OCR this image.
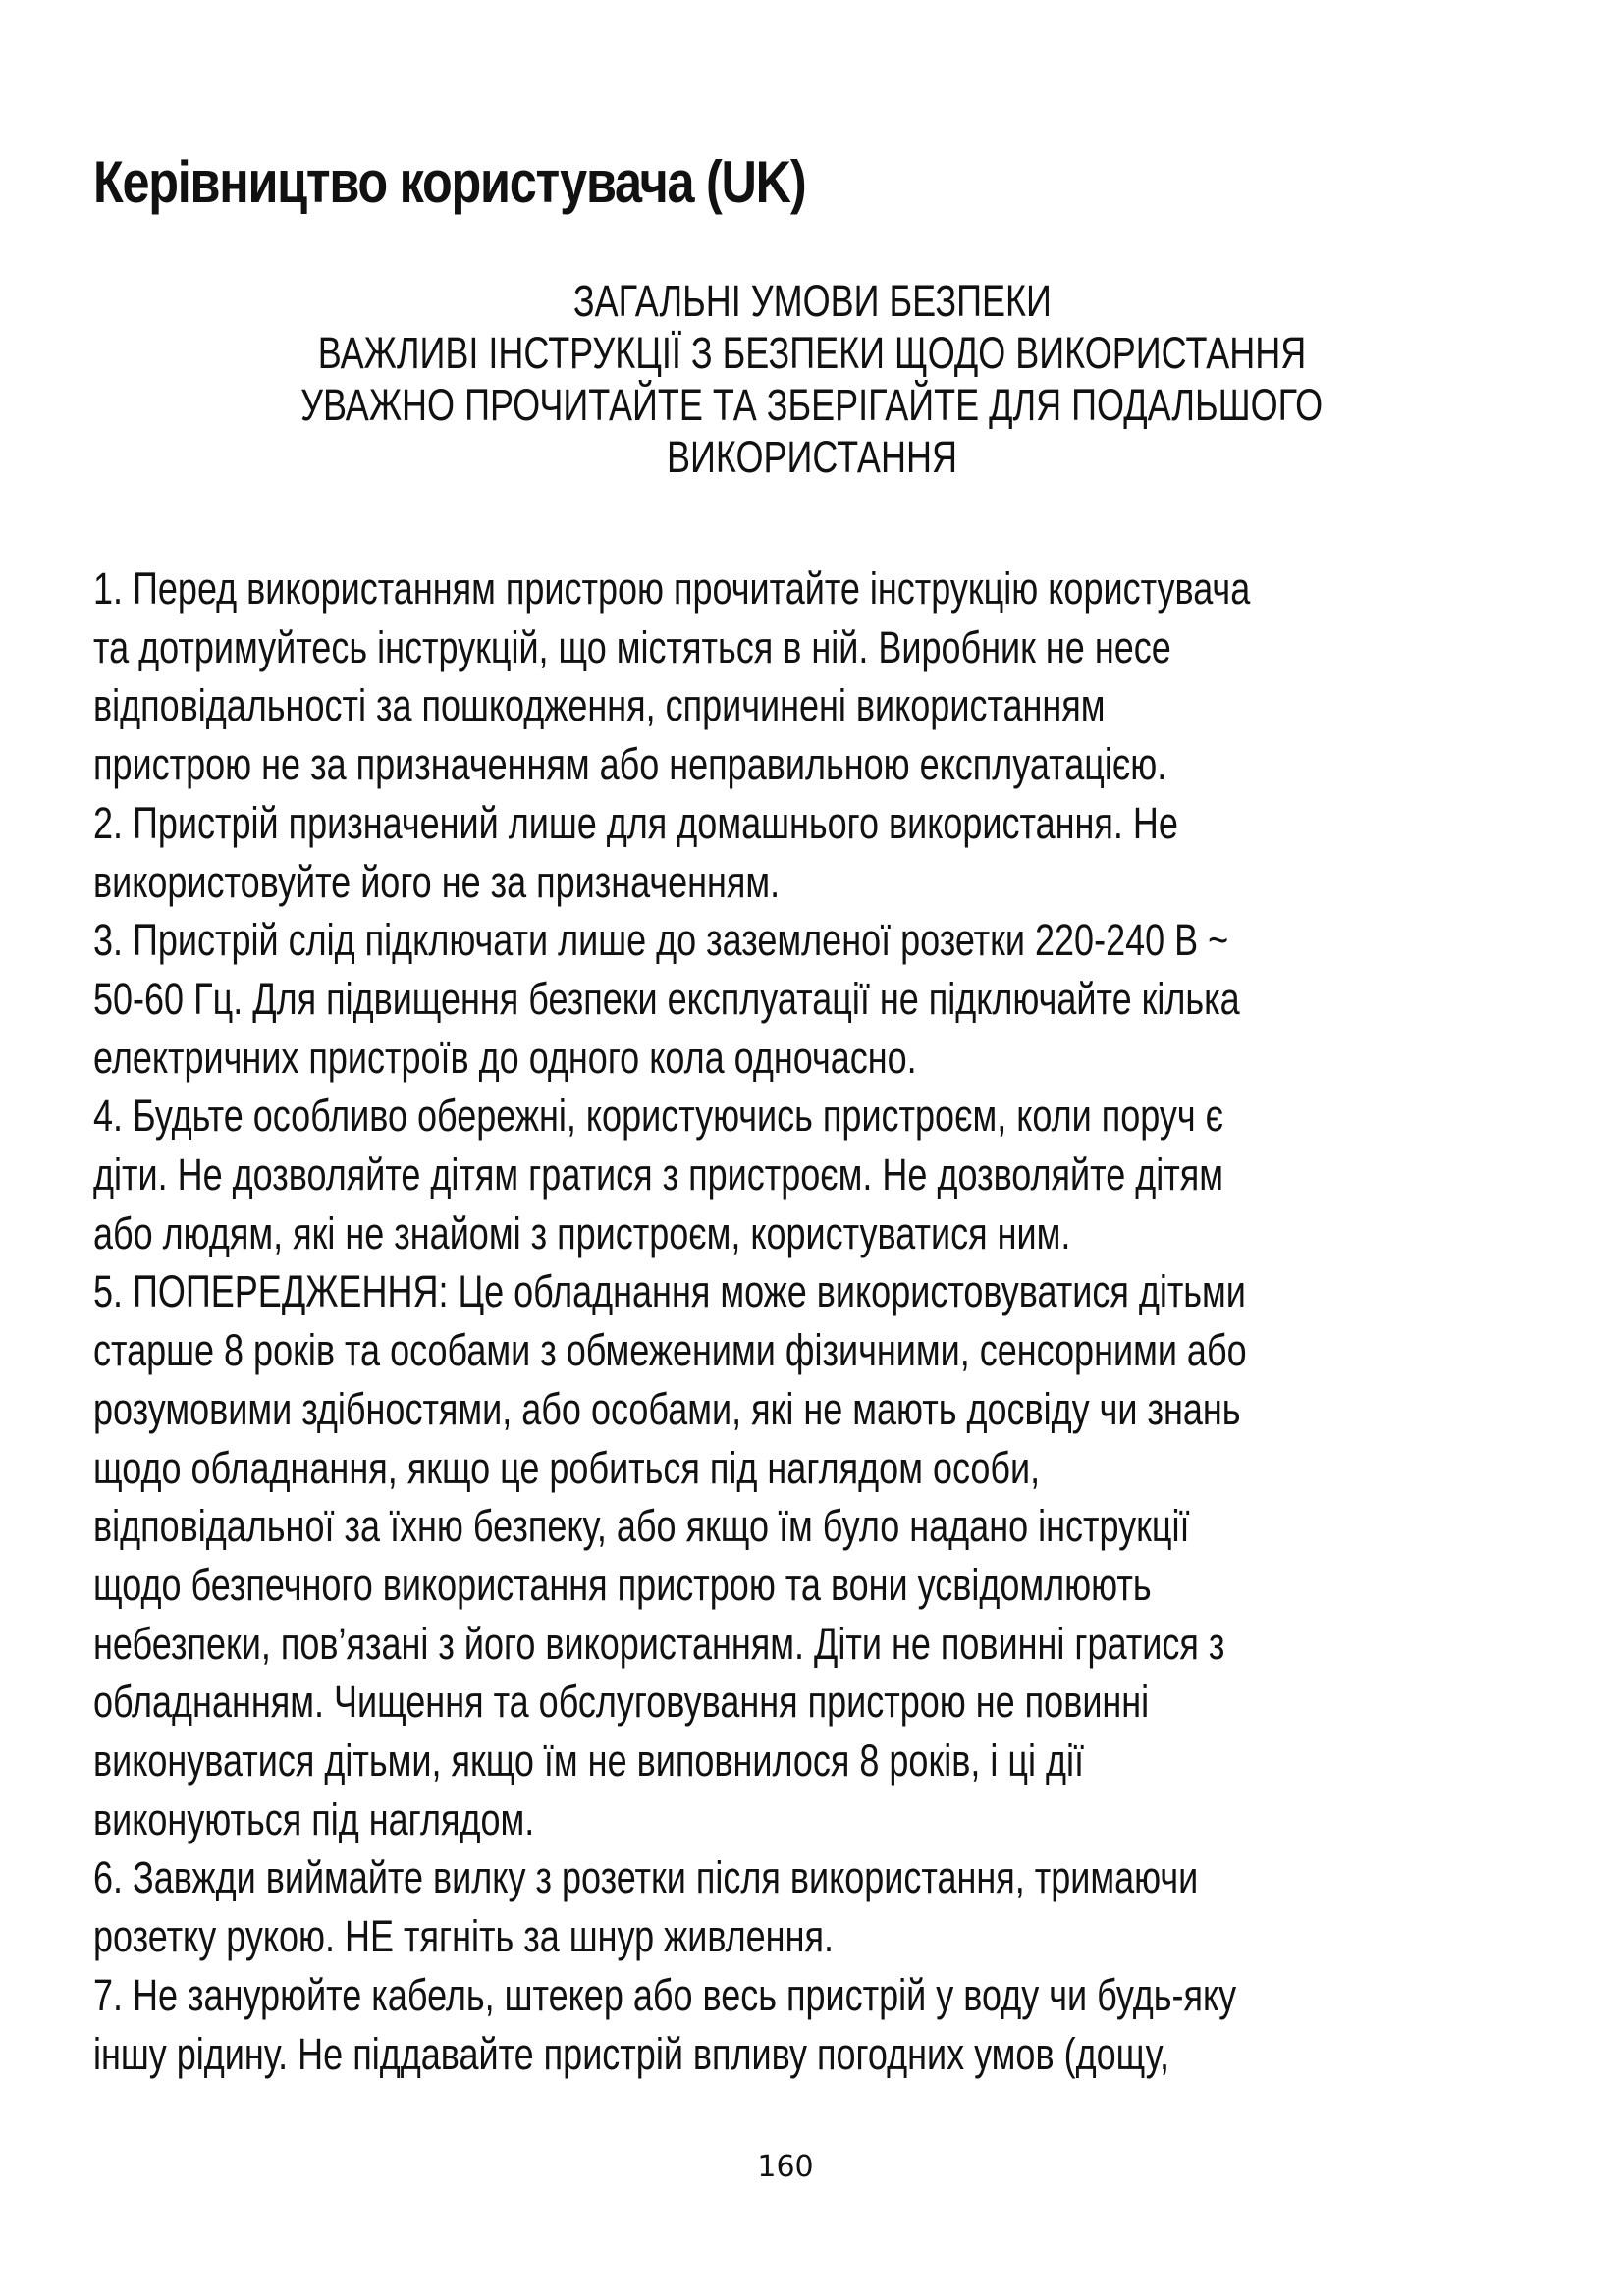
Керівництво користувача (UK)
ЗАГАЛЬНІ УМОВИ БЕЗПЕКИ
ВАЖЛИВІ ІНСТРУКЦІЇ З БЕЗПЕКИ ЩОДО ВИКОРИСТАННЯ
УВАЖНО ПРОЧИТАЙТЕ ТА ЗБЕРІГАЙТЕ ДЛЯ ПОДАЛЬШОГО
ВИКОРИСТАННЯ
1. Перед використанням пристрою прочитайте інструкцію користувача
та дотримуйтесь інструкцій, що містяться в ній. Виробник не несе
відповідальності за пошкодження, спричинені використанням
пристрою не за призначенням або неправильною експлуатацією.
2. Пристрій призначений лише для домашнього використання. Не
використовуйте його не за призначенням.
3. Пристрій слід підключати лише до заземленої розетки 220-240 В ~
50-60 Гц. Для підвищення безпеки експлуатації не підключайте кілька
електричних пристроїв до одного кола одночасно.
4. Будьте особливо обережні, користуючись пристроєм, коли поруч є
діти. Не дозволяйте дітям гратися з пристроєм. Не дозволяйте дітям
або людям, які не знайомі з пристроєм, користуватися ним.
5. ПОПЕРЕДЖЕННЯ: Це обладнання може використовуватися дітьми
старше 8 років та особами з обмеженими фізичними, сенсорними або
розумовими здібностями, або особами, які не мають досвіду чи знань
щодо обладнання, якщо це робиться під наглядом особи,
відповідальної за їхню безпеку, або якщо їм було надано інструкції
щодо безпечного використання пристрою та вони усвідомлюють
небезпеки, пов’язані з його використанням. Діти не повинні гратися з
обладнанням. Чищення та обслуговування пристрою не повинні
виконуватися дітьми, якщо їм не виповнилося 8 років, і ці дії
виконуються під наглядом.
6. Завжди виймайте вилку з розетки після використання, тримаючи
розетку рукою. НЕ тягніть за шнур живлення.
7. Не занурюйте кабель, штекер або весь пристрій у воду чи будь-яку
іншу рідину. Не піддавайте пристрій впливу погодних умов (дощу,
160
